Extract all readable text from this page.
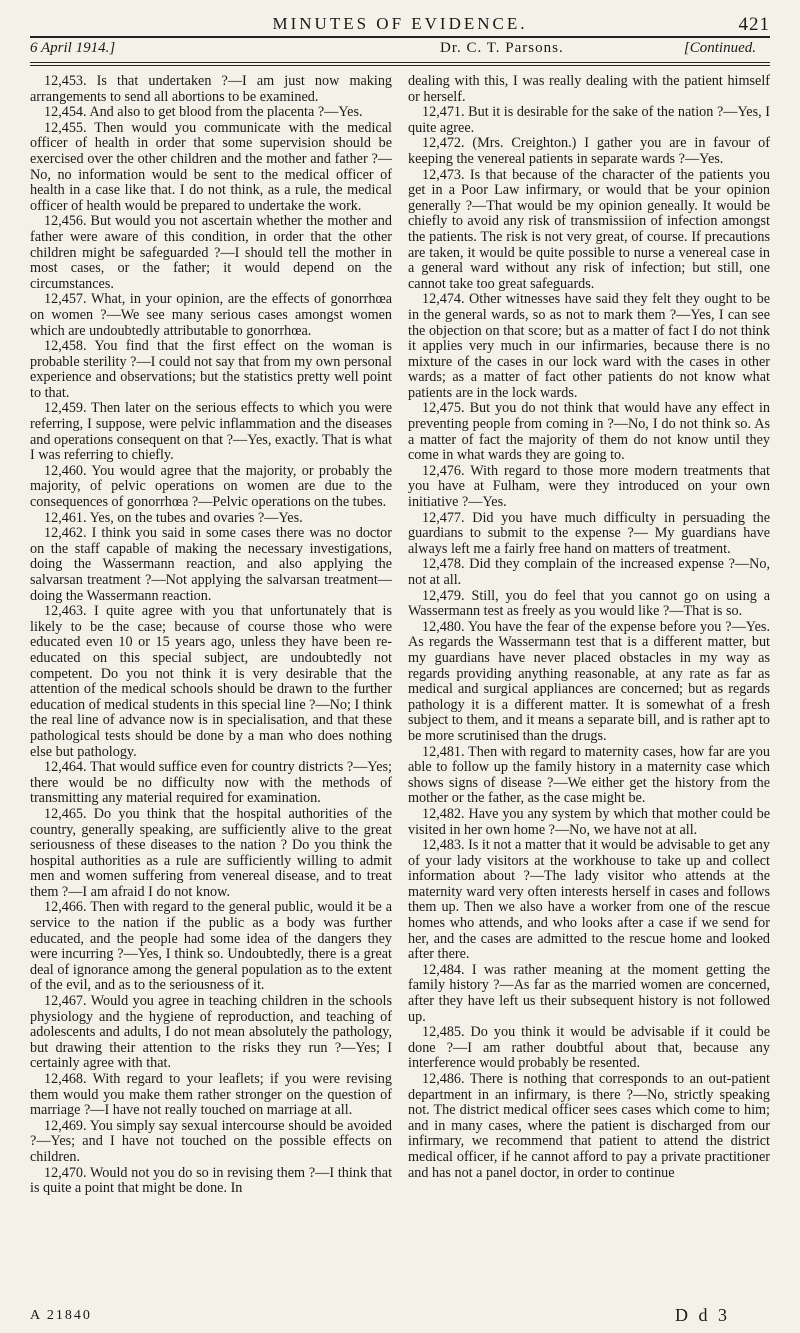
MINUTES OF EVIDENCE.	421
6 April 1914.]	Dr. C. T. Parsons.	[Continued.

12,453. Is that undertaken ?—I am just now making arrangements to send all abortions to be examined.

12,454. And also to get blood from the placenta ?—Yes.

12,455. Then would you communicate with the medical officer of health in order that some supervision should be exercised over the other children and the mother and father ?—No, no information would be sent to the medical officer of health in a case like that. I do not think, as a rule, the medical officer of health would be prepared to undertake the work.

12,456. But would you not ascertain whether the mother and father were aware of this condition, in order that the other children might be safeguarded ?—I should tell the mother in most cases, or the father; it would depend on the circumstances.

12,457. What, in your opinion, are the effects of gonorrhœa on women ?—We see many serious cases amongst women which are undoubtedly attributable to gonorrhœa.

12,458. You find that the first effect on the woman is probable sterility ?—I could not say that from my own personal experience and observations; but the statistics pretty well point to that.

12,459. Then later on the serious effects to which you were referring, I suppose, were pelvic inflammation and the diseases and operations consequent on that ?—Yes, exactly. That is what I was referring to chiefly.

12,460. You would agree that the majority, or probably the majority, of pelvic operations on women are due to the consequences of gonorrhœa ?—Pelvic operations on the tubes.

12,461. Yes, on the tubes and ovaries ?—Yes.

12,462. I think you said in some cases there was no doctor on the staff capable of making the necessary investigations, doing the Wassermann reaction, and also applying the salvarsan treatment ?—Not applying the salvarsan treatment—doing the Wassermann reaction.

12,463. I quite agree with you that unfortunately that is likely to be the case; because of course those who were educated even 10 or 15 years ago, unless they have been re-educated on this special subject, are undoubtedly not competent. Do you not think it is very desirable that the attention of the medical schools should be drawn to the further education of medical students in this special line ?—No; I think the real line of advance now is in specialisation, and that these pathological tests should be done by a man who does nothing else but pathology.

12,464. That would suffice even for country districts ?—Yes; there would be no difficulty now with the methods of transmitting any material required for examination.

12,465. Do you think that the hospital authorities of the country, generally speaking, are sufficiently alive to the great seriousness of these diseases to the nation ? Do you think the hospital authorities as a rule are sufficiently willing to admit men and women suffering from venereal disease, and to treat them ?—I am afraid I do not know.

12,466. Then with regard to the general public, would it be a service to the nation if the public as a body was further educated, and the people had some idea of the dangers they were incurring ?—Yes, I think so. Undoubtedly, there is a great deal of ignorance among the general population as to the extent of the evil, and as to the seriousness of it.

12,467. Would you agree in teaching children in the schools physiology and the hygiene of reproduction, and teaching of adolescents and adults, I do not mean absolutely the pathology, but drawing their attention to the risks they run ?—Yes; I certainly agree with that.

12,468. With regard to your leaflets; if you were revising them would you make them rather stronger on the question of marriage ?—I have not really touched on marriage at all.

12,469. You simply say sexual intercourse should be avoided ?—Yes; and I have not touched on the possible effects on children.

12,470. Would not you do so in revising them ?—I think that is quite a point that might be done. In

A 21840

dealing with this, I was really dealing with the patient himself or herself.

12,471. But it is desirable for the sake of the nation ?—Yes, I quite agree.

12,472. (Mrs. Creighton.) I gather you are in favour of keeping the venereal patients in separate wards ?—Yes.

12,473. Is that because of the character of the patients you get in a Poor Law infirmary, or would that be your opinion generally ?—That would be my opinion geneally. It would be chiefly to avoid any risk of transmissiion of infection amongst the patients. The risk is not very great, of course. If precautions are taken, it would be quite possible to nurse a venereal case in a general ward without any risk of infection; but still, one cannot take too great safeguards.

12,474. Other witnesses have said they felt they ought to be in the general wards, so as not to mark them ?—Yes, I can see the objection on that score; but as a matter of fact I do not think it applies very much in our infirmaries, because there is no mixture of the cases in our lock ward with the cases in other wards; as a matter of fact other patients do not know what patients are in the lock wards.

12,475. But you do not think that would have any effect in preventing people from coming in ?—No, I do not think so. As a matter of fact the majority of them do not know until they come in what wards they are going to.

12,476. With regard to those more modern treatments that you have at Fulham, were they introduced on your own initiative ?—Yes.

12,477. Did you have much difficulty in persuading the guardians to submit to the expense ?— My guardians have always left me a fairly free hand on matters of treatment.

12,478. Did they complain of the increased expense ?—No, not at all.

12,479. Still, you do feel that you cannot go on using a Wassermann test as freely as you would like ?—That is so.

12,480. You have the fear of the expense before you ?—Yes. As regards the Wassermann test that is a different matter, but my guardians have never placed obstacles in my way as regards providing anything reasonable, at any rate as far as medical and surgical appliances are concerned; but as regards pathology it is a different matter. It is somewhat of a fresh subject to them, and it means a separate bill, and is rather apt to be more scrutinised than the drugs.

12,481. Then with regard to maternity cases, how far are you able to follow up the family history in a maternity case which shows signs of disease ?—We either get the history from the mother or the father, as the case might be.

12,482. Have you any system by which that mother could be visited in her own home ?—No, we have not at all.

12,483. Is it not a matter that it would be advisable to get any of your lady visitors at the workhouse to take up and collect information about ?—The lady visitor who attends at the maternity ward very often interests herself in cases and follows them up. Then we also have a worker from one of the rescue homes who attends, and who looks after a case if we send for her, and the cases are admitted to the rescue home and looked after there.

12,484. I was rather meaning at the moment getting the family history ?—As far as the married women are concerned, after they have left us their subsequent history is not followed up.

12,485. Do you think it would be advisable if it could be done ?—I am rather doubtful about that, because any interference would probably be resented.

12,486. There is nothing that corresponds to an out-patient department in an infirmary, is there ?—No, strictly speaking not. The district medical officer sees cases which come to him; and in many cases, where the patient is discharged from our infirmary, we recommend that patient to attend the district medical officer, if he cannot afford to pay a private practitioner and has not a panel doctor, in order to continue

D d 3
